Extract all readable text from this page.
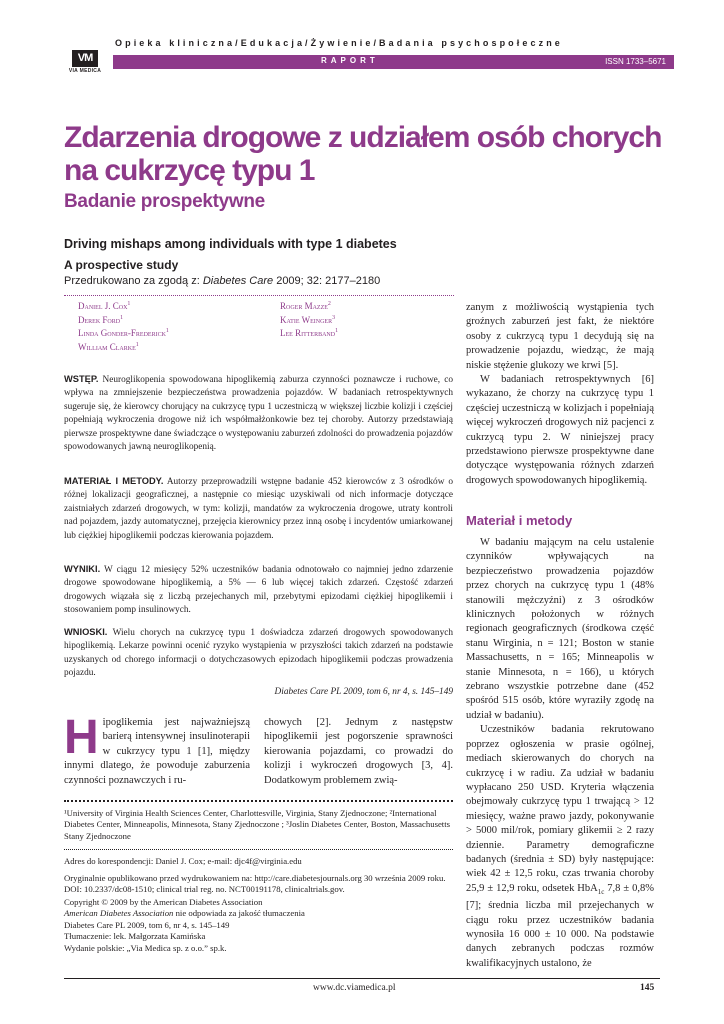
VM
VIA MEDICA
Opieka kliniczna/Edukacja/Żywienie/Badania psychospołeczne
RAPORT	ISSN 1733–5671
Zdarzenia drogowe z udziałem osób chorych na cukrzycę typu 1
Badanie prospektywne
Driving mishaps among individuals with type 1 diabetes
A prospective study
Przedrukowano za zgodą z: Diabetes Care 2009; 32: 2177–2180
Daniel J. Cox$^1$
Derek Ford$^1$
Linda Gonder-Frederick$^1$
William Clarke$^1$
Roger Mazze$^2$
Katie Weinger$^3$
Lee Ritterband$^1$
WSTĘP. Neuroglikopenia spowodowana hipoglikemią zaburza czynności poznawcze i ruchowe, co wpływa na zmniejszenie bezpieczeństwa prowadzenia pojazdów. W badaniach retrospektywnych sugeruje się, że kierowcy chorujący na cukrzycę typu 1 uczestniczą w większej liczbie kolizji i częściej popełniają wykroczenia drogowe niż ich współmałżonkowie bez tej choroby. Autorzy przedstawiają pierwsze prospektywne dane świadczące o występowaniu zaburzeń zdolności do prowadzenia pojazdów spowodowanych jawną neuroglikopenią.
MATERIAŁ I METODY. Autorzy przeprowadzili wstępne badanie 452 kierowców z 3 ośrodków o różnej lokalizacji geograficznej, a następnie co miesiąc uzyskiwali od nich informacje dotyczące zaistniałych zdarzeń drogowych, w tym: kolizji, mandatów za wykroczenia drogowe, utraty kontroli nad pojazdem, jazdy automatycznej, przejęcia kierownicy przez inną osobę i incydentów umiarkowanej lub ciężkiej hipoglikemii podczas kierowania pojazdem.
WYNIKI. W ciągu 12 miesięcy 52% uczestników badania odnotowało co najmniej jedno zdarzenie drogowe spowodowane hipoglikemią, a 5% — 6 lub więcej takich zdarzeń. Częstość zdarzeń drogowych wiązała się z liczbą przejechanych mil, przebytymi epizodami ciężkiej hipoglikemii i stosowaniem pomp insulinowych.
WNIOSKI. Wielu chorych na cukrzycę typu 1 doświadcza zdarzeń drogowych spowodowanych hipoglikemią. Lekarze powinni ocenić ryzyko wystąpienia w przyszłości takich zdarzeń na podstawie uzyskanych od chorego informacji o dotychczasowych epizodach hipoglikemii podczas prowadzenia pojazdu.
Diabetes Care PL 2009, tom 6, nr 4, s. 145–149
Hipoglikemia jest najważniejszą barierą intensywnej insulinoterapii w cukrzycy typu 1 [1], między innymi dlatego, że powoduje zaburzenia czynności poznawczych i ru-
chowych [2]. Jednym z następstw hipoglikemii jest pogorszenie sprawności kierowania pojazdami, co prowadzi do kolizji i wykroczeń drogowych [3, 4]. Dodatkowym problemem zwią-
zanym z możliwością wystąpienia tych groźnych zaburzeń jest fakt, że niektóre osoby z cukrzycą typu 1 decydują się na prowadzenie pojazdu, wiedząc, że mają niskie stężenie glukozy we krwi [5].
W badaniach retrospektywnych [6] wykazano, że chorzy na cukrzycę typu 1 częściej uczestniczą w kolizjach i popełniają więcej wykroczeń drogowych niż pacjenci z cukrzycą typu 2. W niniejszej pracy przedstawiono pierwsze prospektywne dane dotyczące występowania różnych zdarzeń drogowych spowodowanych hipoglikemią.
Materiał i metody
W badaniu mającym na celu ustalenie czynników wpływających na bezpieczeństwo prowadzenia pojazdów przez chorych na cukrzycę typu 1 (48% stanowili mężczyźni) z 3 ośrodków klinicznych położonych w różnych regionach geograficznych (środkowa część stanu Wirginia, n = 121; Boston w stanie Massachusetts, n = 165; Minneapolis w stanie Minnesota, n = 166), u których zebrano wszystkie potrzebne dane (452 spośród 515 osób, które wyraziły zgodę na udział w badaniu).
Uczestników badania rekrutowano poprzez ogłoszenia w prasie ogólnej, mediach skierowanych do chorych na cukrzycę i w radiu. Za udział w badaniu wypłacano 250 USD. Kryteria włączenia obejmowały cukrzycę typu 1 trwającą > 12 miesięcy, ważne prawo jazdy, pokonywanie > 5000 mil/rok, pomiary glikemii ≥ 2 razy dziennie. Parametry demograficzne badanych (średnia ± SD) były następujące: wiek 42 ± 12,5 roku, czas trwania choroby 25,9 ± 12,9 roku, odsetek HbA$_{1c}$ 7,8 ± 0,8% [7]; średnia liczba mil przejechanych w ciągu roku przez uczestników badania wynosiła 16 000 ± 10 000. Na podstawie danych zebranych podczas rozmów kwalifikacyjnych ustalono, że
¹University of Virginia Health Sciences Center, Charlottesville, Virginia, Stany Zjednoczone; ²International Diabetes Center, Minneapolis, Minnesota, Stany Zjednoczone ; ³Joslin Diabetes Center, Boston, Massachusetts Stany Zjednoczone
Adres do korespondencji: Daniel J. Cox; e-mail: djc4f@virginia.edu
Oryginalnie opublikowano przed wydrukowaniem na: http://care.diabetesjournals.org 30 września 2009 roku. DOI: 10.2337/dc08-1510; clinical trial reg. no. NCT00191178, clinicaltrials.gov.
Copyright © 2009 by the American Diabetes Association
American Diabetes Association nie odpowiada za jakość tłumaczenia
Diabetes Care PL 2009, tom 6, nr 4, s. 145–149
Tłumaczenie: lek. Małgorzata Kamińska
Wydanie polskie: „Via Medica sp. z o.o.” sp.k.
www.dc.viamedica.pl	145
